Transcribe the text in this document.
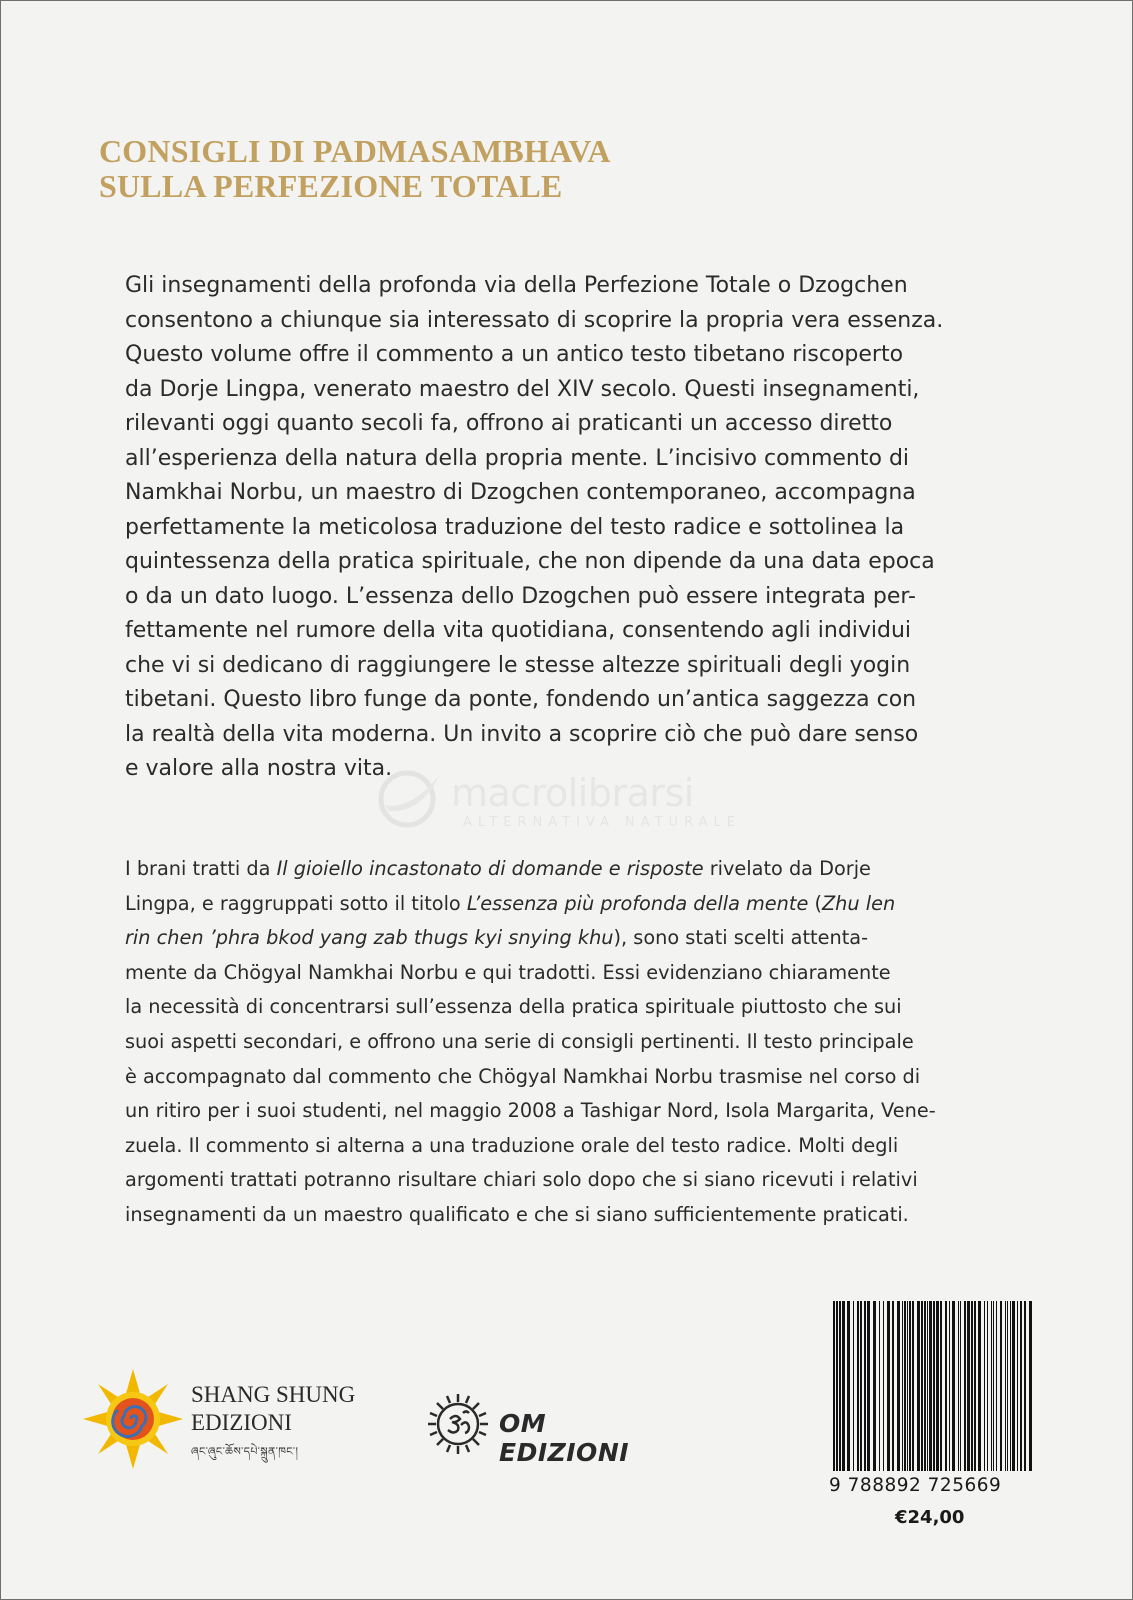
CONSIGLI DI PADMASAMBHAVA
SULLA PERFEZIONE TOTALE

Gli insegnamenti della profonda via della Perfezione Totale o Dzogchen
consentono a chiunque sia interessato di scoprire la propria vera essenza.
Questo volume offre il commento a un antico testo tibetano riscoperto
da Dorje Lingpa, venerato maestro del XIV secolo. Questi insegnamenti,
rilevanti oggi quanto secoli fa, offrono ai praticanti un accesso diretto
all’esperienza della natura della propria mente. L’incisivo commento di
Namkhai Norbu, un maestro di Dzogchen contemporaneo, accompagna
perfettamente la meticolosa traduzione del testo radice e sottolinea la
quintessenza della pratica spirituale, che non dipende da una data epoca
o da un dato luogo. L’essenza dello Dzogchen può essere integrata per-
fettamente nel rumore della vita quotidiana, consentendo agli individui
che vi si dedicano di raggiungere le stesse altezze spirituali degli yogin
tibetani. Questo libro funge da ponte, fondendo un’antica saggezza con
la realtà della vita moderna. Un invito a scoprire ciò che può dare senso
e valore alla nostra vita.

macrolibrarsi
ALTERNATIVA NATURALE

I brani tratti da Il gioiello incastonato di domande e risposte rivelato da Dorje
Lingpa, e raggruppati sotto il titolo L’essenza più profonda della mente (Zhu len
rin chen ’phra bkod yang zab thugs kyi snying khu), sono stati scelti attenta-
mente da Chögyal Namkhai Norbu e qui tradotti. Essi evidenziano chiaramente
la necessità di concentrarsi sull’essenza della pratica spirituale piuttosto che sui
suoi aspetti secondari, e offrono una serie di consigli pertinenti. Il testo principale
è accompagnato dal commento che Chögyal Namkhai Norbu trasmise nel corso di
un ritiro per i suoi studenti, nel maggio 2008 a Tashigar Nord, Isola Margarita, Vene-
zuela. Il commento si alterna a una traduzione orale del testo radice. Molti degli
argomenti trattati potranno risultare chiari solo dopo che si siano ricevuti i relativi
insegnamenti da un maestro qualificato e che si siano sufficientemente praticati.

SHANG SHUNG
EDIZIONI
ཞང་ཞུང་ཆོས་དཔེ་སྐྲུན་ཁང་།
OM EDIZIONI
9 788892 725669
€24,00
